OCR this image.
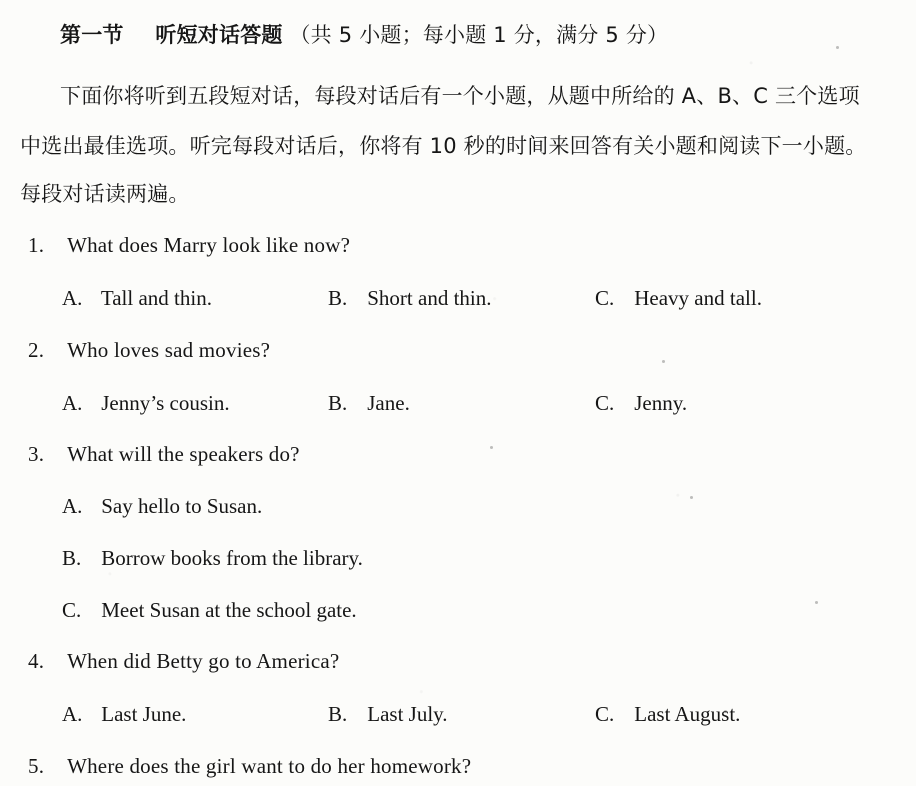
第一节 听短对话答题 （共 5 小题；每小题 1 分，满分 5 分）
下面你将听到五段短对话，每段对话后有一个小题，从题中所给的 A、B、C 三个选项
中选出最佳选项。听完每段对话后，你将有 10 秒的时间来回答有关小题和阅读下一小题。
每段对话读两遍。
1. What does Marry look like now?
A. Tall and thin.	B. Short and thin.	C. Heavy and tall.
2. Who loves sad movies?
A. Jenny’s cousin.	B. Jane.	C. Jenny.
3. What will the speakers do?
A. Say hello to Susan.
B. Borrow books from the library.
C. Meet Susan at the school gate.
4. When did Betty go to America?
A. Last June.	B. Last July.	C. Last August.
5. Where does the girl want to do her homework?
